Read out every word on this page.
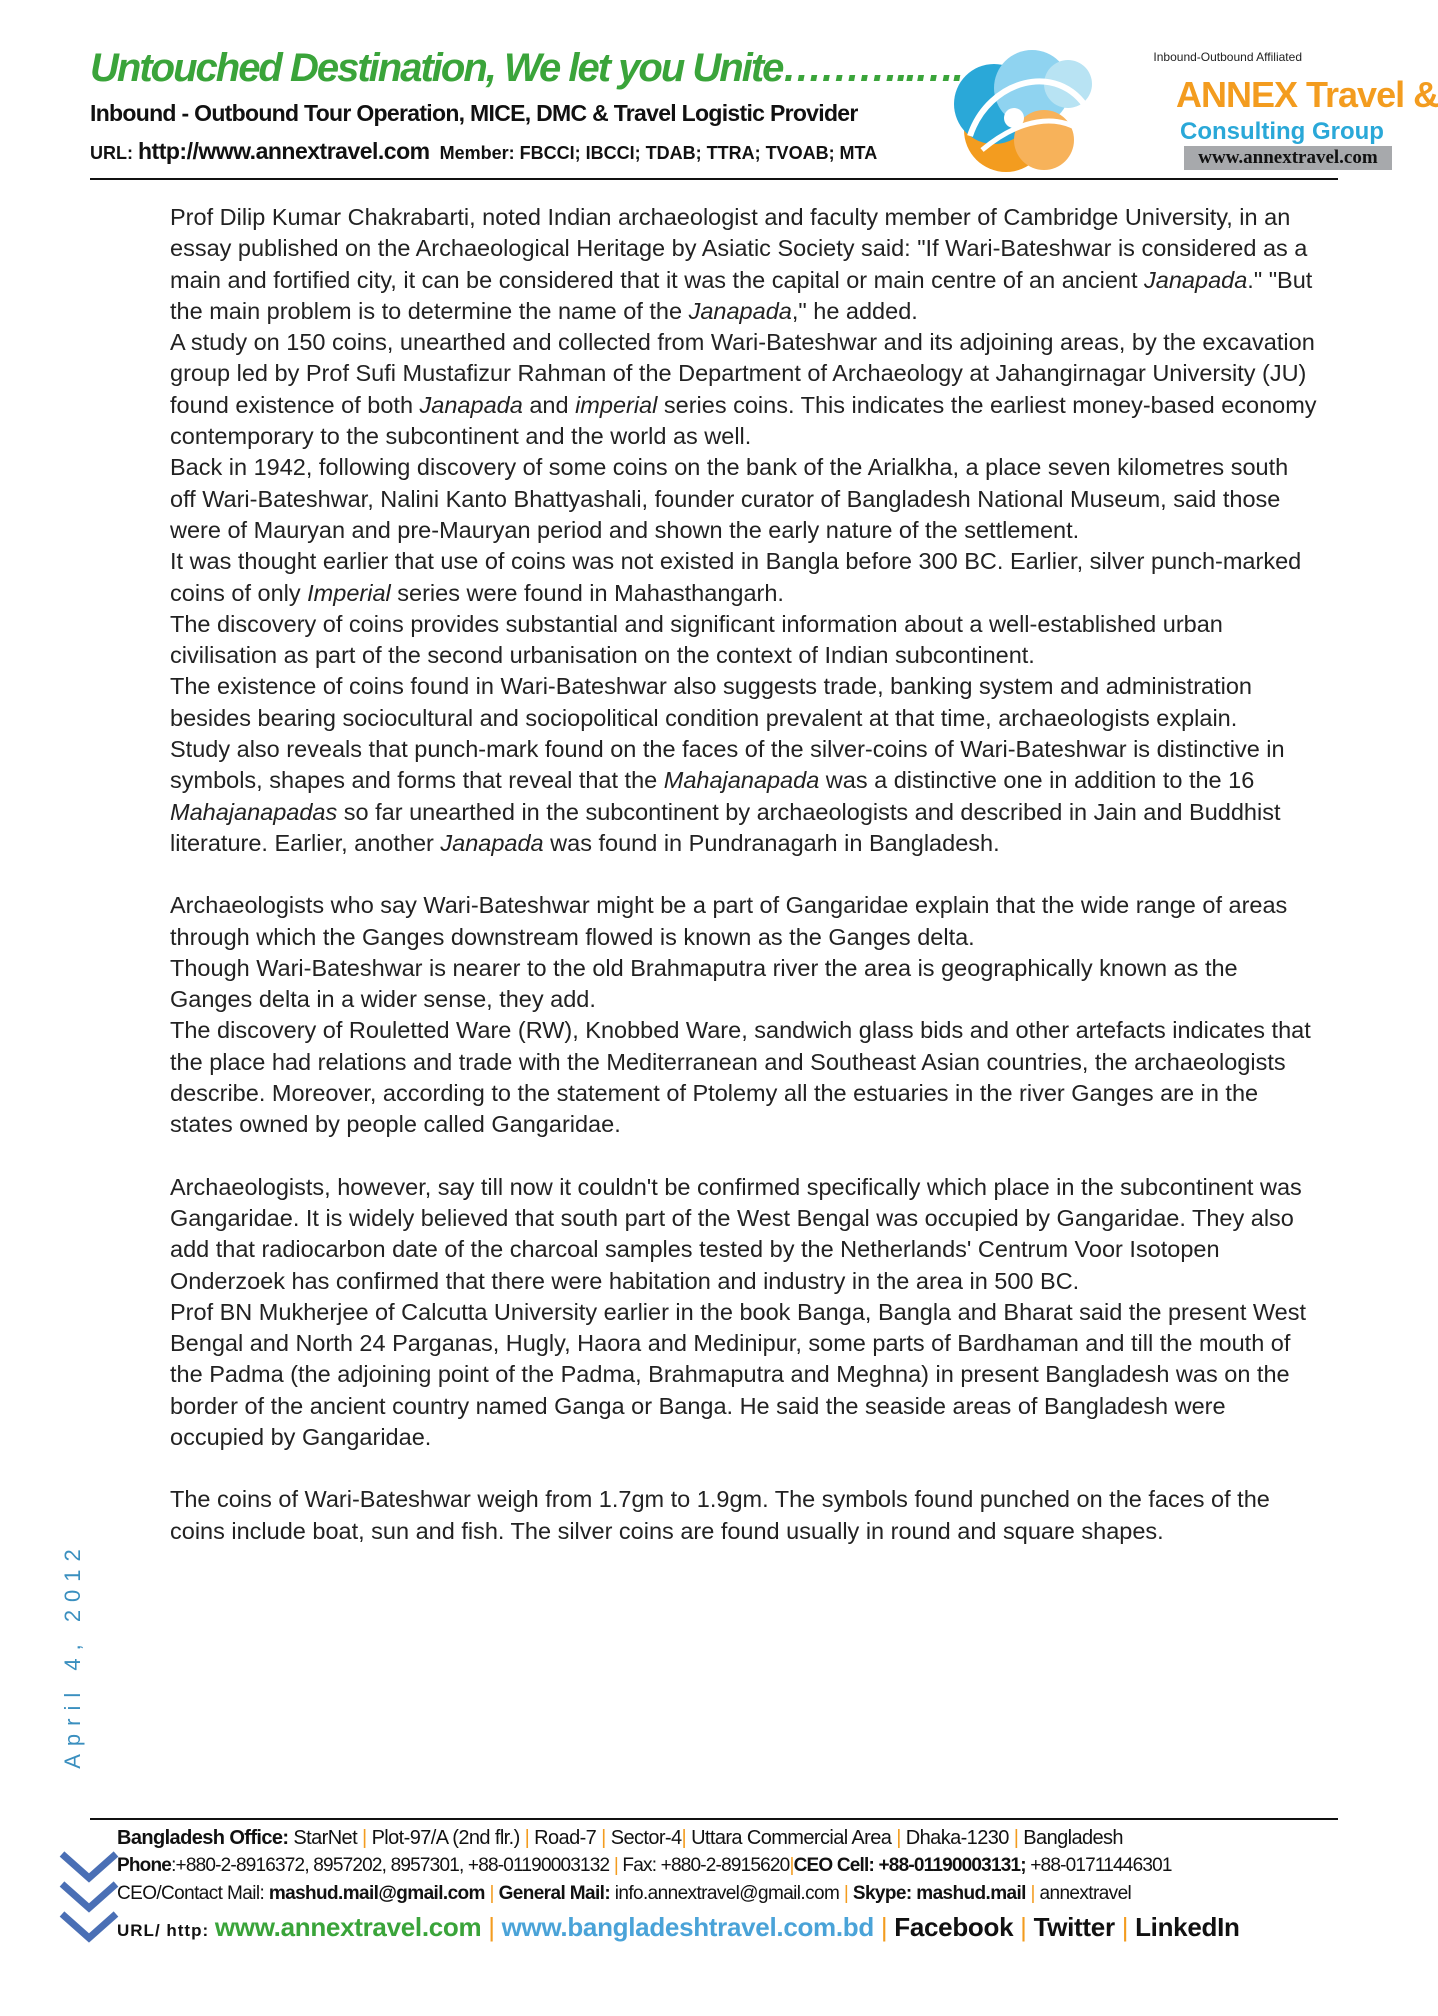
Untouched Destination, We let you Unite………..….
Inbound - Outbound Tour Operation, MICE, DMC & Travel Logistic Provider
URL: http://www.annextravel.com Member: FBCCI; IBCCI; TDAB; TTRA; TVOAB; MTA
Inbound-Outbound Affiliated
ANNEX Travel &
Consulting Group
www.annextravel.com
April 4, 2012

Prof Dilip Kumar Chakrabarti, noted Indian archaeologist and faculty member of Cambridge University, in an essay published on the Archaeological Heritage by Asiatic Society said: "If Wari-Bateshwar is considered as a main and fortified city, it can be considered that it was the capital or main centre of an ancient Janapada." "But the main problem is to determine the name of the Janapada," he added.

A study on 150 coins, unearthed and collected from Wari-Bateshwar and its adjoining areas, by the excavation group led by Prof Sufi Mustafizur Rahman of the Department of Archaeology at Jahangirnagar University (JU) found existence of both Janapada and imperial series coins. This indicates the earliest money-based economy contemporary to the subcontinent and the world as well.

Back in 1942, following discovery of some coins on the bank of the Arialkha, a place seven kilometres south off Wari-Bateshwar, Nalini Kanto Bhattyashali, founder curator of Bangladesh National Museum, said those were of Mauryan and pre-Mauryan period and shown the early nature of the settlement.

It was thought earlier that use of coins was not existed in Bangla before 300 BC. Earlier, silver punch-marked coins of only Imperial series were found in Mahasthangarh.

The discovery of coins provides substantial and significant information about a well-established urban civilisation as part of the second urbanisation on the context of Indian subcontinent.

The existence of coins found in Wari-Bateshwar also suggests trade, banking system and administration besides bearing sociocultural and sociopolitical condition prevalent at that time, archaeologists explain.

Study also reveals that punch-mark found on the faces of the silver-coins of Wari-Bateshwar is distinctive in symbols, shapes and forms that reveal that the Mahajanapada was a distinctive one in addition to the 16 Mahajanapadas so far unearthed in the subcontinent by archaeologists and described in Jain and Buddhist literature. Earlier, another Janapada was found in Pundranagarh in Bangladesh.

Archaeologists who say Wari-Bateshwar might be a part of Gangaridae explain that the wide range of areas through which the Ganges downstream flowed is known as the Ganges delta.

Though Wari-Bateshwar is nearer to the old Brahmaputra river the area is geographically known as the Ganges delta in a wider sense, they add.

The discovery of Rouletted Ware (RW), Knobbed Ware, sandwich glass bids and other artefacts indicates that the place had relations and trade with the Mediterranean and Southeast Asian countries, the archaeologists describe. Moreover, according to the statement of Ptolemy all the estuaries in the river Ganges are in the states owned by people called Gangaridae.

Archaeologists, however, say till now it couldn't be confirmed specifically which place in the subcontinent was Gangaridae. It is widely believed that south part of the West Bengal was occupied by Gangaridae. They also add that radiocarbon date of the charcoal samples tested by the Netherlands' Centrum Voor Isotopen Onderzoek has confirmed that there were habitation and industry in the area in 500 BC.

Prof BN Mukherjee of Calcutta University earlier in the book Banga, Bangla and Bharat said the present West Bengal and North 24 Parganas, Hugly, Haora and Medinipur, some parts of Bardhaman and till the mouth of the Padma (the adjoining point of the Padma, Brahmaputra and Meghna) in present Bangladesh was on the border of the ancient country named Ganga or Banga. He said the seaside areas of Bangladesh were occupied by Gangaridae.

The coins of Wari-Bateshwar weigh from 1.7gm to 1.9gm. The symbols found punched on the faces of the coins include boat, sun and fish. The silver coins are found usually in round and square shapes.

Bangladesh Office: StarNet | Plot-97/A (2nd flr.) | Road-7 | Sector-4| Uttara Commercial Area | Dhaka-1230 | Bangladesh
Phone:+880-2-8916372, 8957202, 8957301, +88-01190003132 | Fax: +880-2-8915620|CEO Cell: +88-01190003131; +88-01711446301
CEO/Contact Mail: mashud.mail@gmail.com | General Mail: info.annextravel@gmail.com | Skype: mashud.mail | annextravel
URL/ http: www.annextravel.com | www.bangladeshtravel.com.bd | Facebook | Twitter | LinkedIn
